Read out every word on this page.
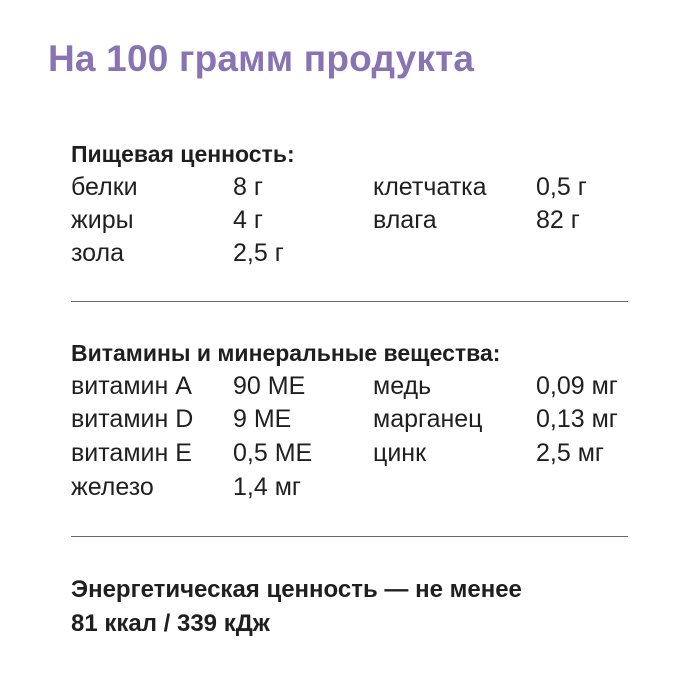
На 100 грамм продукта
Пищевая ценность:
белки	8 г	клетчатка 0,5 г
жиры	4 г	влага	82 г
зола	2,5 г
Витамины и минеральные вещества:
витамин А 90 МЕ	медь	0,09 мг
витамин D 9 МЕ	марганец 0,13 мг
витамин Е 0,5 МЕ цинк	2,5 мг
железо	1,4 мг
Энергетическая ценность — не менее
81 ккал / 339 кДж
